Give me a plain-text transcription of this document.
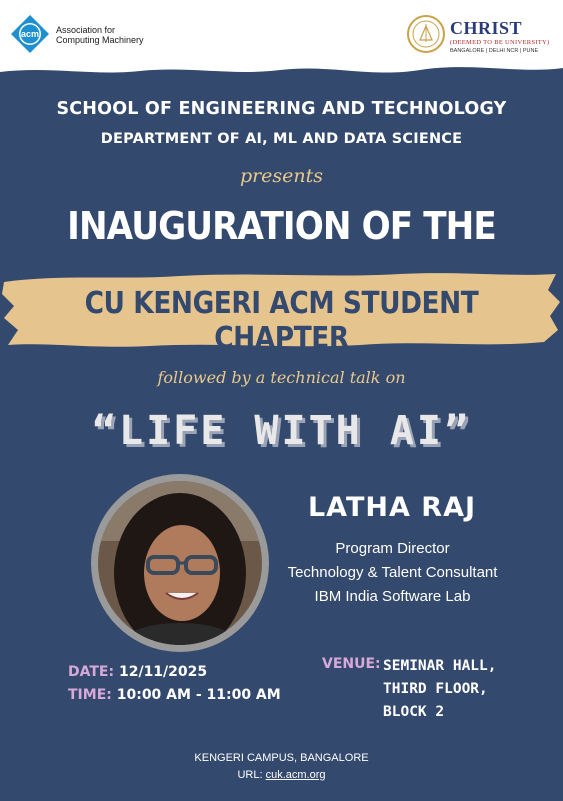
acm Association for
Computing Machinery
CHRIST
(DEEMED TO BE UNIVERSITY)
BANGALORE | DELHI NCR | PUNE
SCHOOL OF ENGINEERING AND TECHNOLOGY
DEPARTMENT OF AI, ML AND DATA SCIENCE
presents
INAUGURATION OF THE
CU KENGERI ACM STUDENT CHAPTER
followed by a technical talk on
“LIFE WITH AI”
LATHA RAJ
Program Director
Technology & Talent Consultant
IBM India Software Lab
DATE: 12/11/2025
TIME: 10:00 AM - 11:00 AM
VENUE: SEMINAR HALL,
THIRD FLOOR,
BLOCK 2
KENGERI CAMPUS, BANGALORE
URL: cuk.acm.org
